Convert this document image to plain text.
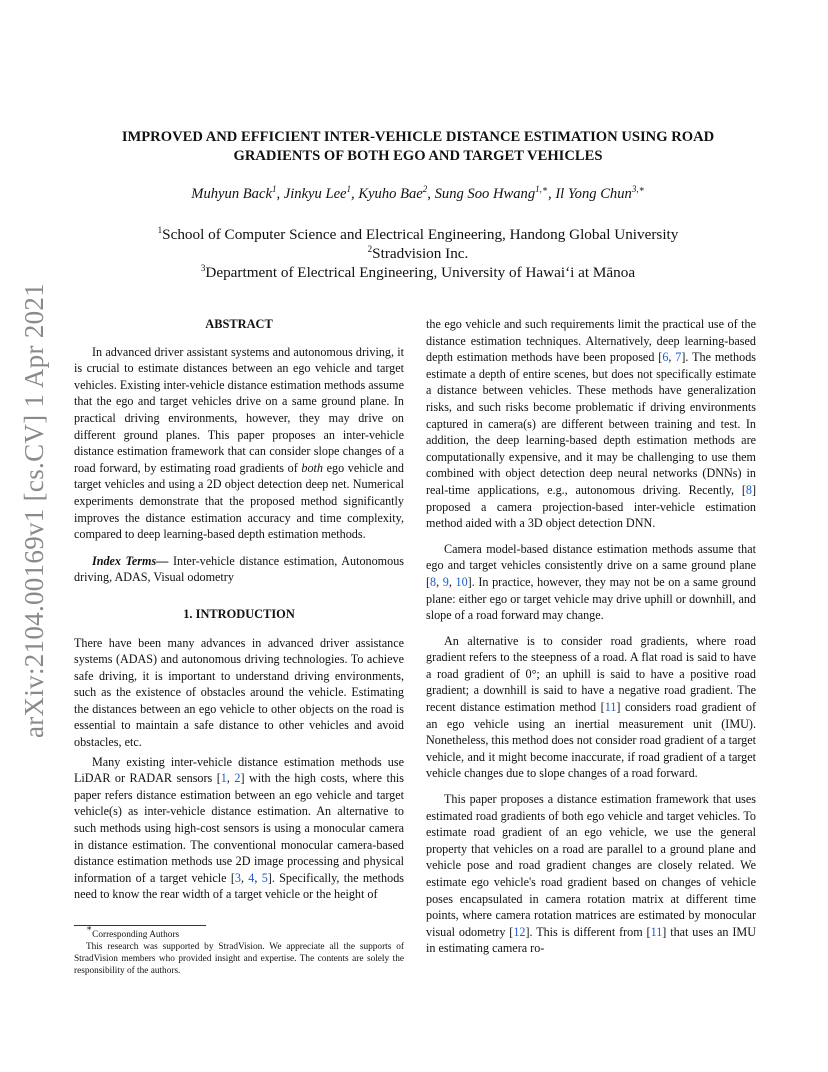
arXiv:2104.00169v1 [cs.CV] 1 Apr 2021
IMPROVED AND EFFICIENT INTER-VEHICLE DISTANCE ESTIMATION USING ROAD
GRADIENTS OF BOTH EGO AND TARGET VEHICLES
Muhyun Back$^1$, Jinkyu Lee$^1$, Kyuho Bae$^2$, Sung Soo Hwang$^{1,∗}$, Il Yong Chun$^{3,∗}$
$^1$School of Computer Science and Electrical Engineering, Handong Global University
$^2$Stradvision Inc.
$^3$Department of Electrical Engineering, University of Hawai‘i at Mānoa
ABSTRACT

In advanced driver assistant systems and autonomous driving, it is crucial to estimate distances between an ego vehicle and target vehicles. Existing inter-vehicle distance estimation methods assume that the ego and target vehicles drive on a same ground plane. In practical driving environments, however, they may drive on different ground planes. This paper proposes an inter-vehicle distance estimation framework that can consider slope changes of a road forward, by estimating road gradients of both ego vehicle and target vehicles and using a 2D object detection deep net. Numerical experiments demonstrate that the proposed method significantly improves the distance estimation accuracy and time complexity, compared to deep learning-based depth estimation methods.

Index Terms— Inter-vehicle distance estimation, Autonomous driving, ADAS, Visual odometry

1. INTRODUCTION

There have been many advances in advanced driver assistance systems (ADAS) and autonomous driving technologies. To achieve safe driving, it is important to understand driving environments, such as the existence of obstacles around the vehicle. Estimating the distances between an ego vehicle to other objects on the road is essential to maintain a safe distance to other vehicles and avoid obstacles, etc.

Many existing inter-vehicle distance estimation methods use LiDAR or RADAR sensors [1, 2] with the high costs, where this paper refers distance estimation between an ego vehicle and target vehicle(s) as inter-vehicle distance estimation. An alternative to such methods using high-cost sensors is using a monocular camera in distance estimation. The conventional monocular camera-based distance estimation methods use 2D image processing and physical information of a target vehicle [3, 4, 5]. Specifically, the methods need to know the rear width of a target vehicle or the height of

∗Corresponding Authors

This research was supported by StradVision. We appreciate all the supports of StradVision members who provided insight and expertise. The contents are solely the responsibility of the authors.

the ego vehicle and such requirements limit the practical use of the distance estimation techniques. Alternatively, deep learning-based depth estimation methods have been proposed [6, 7]. The methods estimate a depth of entire scenes, but does not specifically estimate a distance between vehicles. These methods have generalization risks, and such risks become problematic if driving environments captured in camera(s) are different between training and test. In addition, the deep learning-based depth estimation methods are computationally expensive, and it may be challenging to use them combined with object detection deep neural networks (DNNs) in real-time applications, e.g., autonomous driving. Recently, [8] proposed a camera projection-based inter-vehicle estimation method aided with a 3D object detection DNN.

Camera model-based distance estimation methods assume that ego and target vehicles consistently drive on a same ground plane [8, 9, 10]. In practice, however, they may not be on a same ground plane: either ego or target vehicle may drive uphill or downhill, and slope of a road forward may change.

An alternative is to consider road gradients, where road gradient refers to the steepness of a road. A flat road is said to have a road gradient of 0°; an uphill is said to have a positive road gradient; a downhill is said to have a negative road gradient. The recent distance estimation method [11] considers road gradient of an ego vehicle using an inertial measurement unit (IMU). Nonetheless, this method does not consider road gradient of a target vehicle, and it might become inaccurate, if road gradient of a target vehicle changes due to slope changes of a road forward.

This paper proposes a distance estimation framework that uses estimated road gradients of both ego vehicle and target vehicles. To estimate road gradient of an ego vehicle, we use the general property that vehicles on a road are parallel to a ground plane and vehicle pose and road gradient changes are closely related. We estimate ego vehicle's road gradient based on changes of vehicle poses encapsulated in camera rotation matrix at different time points, where camera rotation matrices are estimated by monocular visual odometry [12]. This is different from [11] that uses an IMU in estimating camera ro-
